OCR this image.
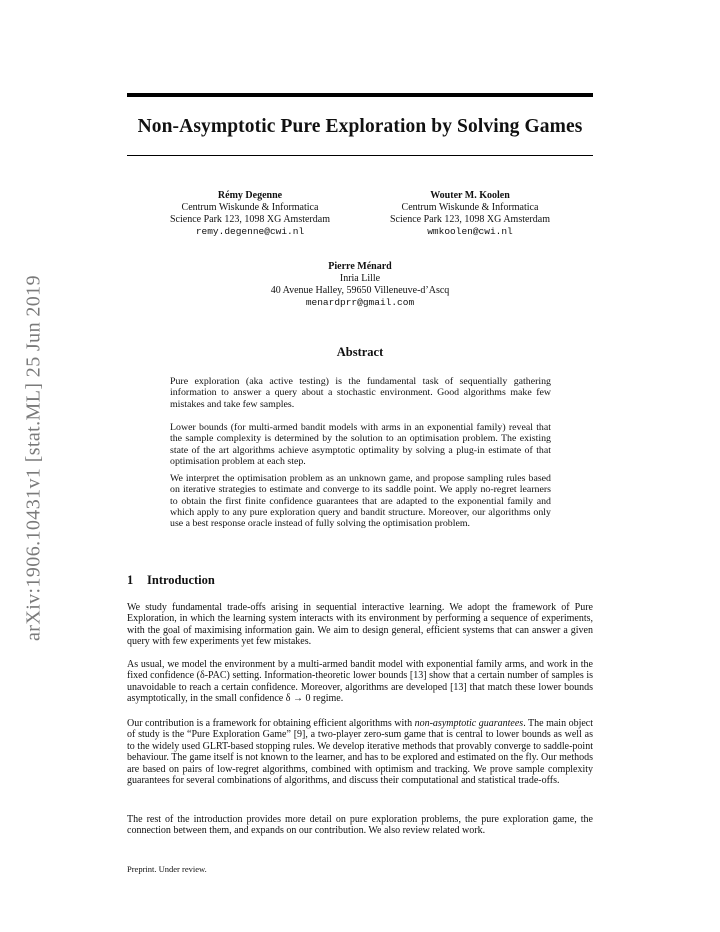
arXiv:1906.10431v1 [stat.ML] 25 Jun 2019
Non-Asymptotic Pure Exploration by Solving Games
Rémy Degenne
Centrum Wiskunde & Informatica
Science Park 123, 1098 XG Amsterdam
remy.degenne@cwi.nl
Wouter M. Koolen
Centrum Wiskunde & Informatica
Science Park 123, 1098 XG Amsterdam
wmkoolen@cwi.nl
Pierre Ménard
Inria Lille
40 Avenue Halley, 59650 Villeneuve-d’Ascq
menardprr@gmail.com
Abstract
Pure exploration (aka active testing) is the fundamental task of sequentially gathering information to answer a query about a stochastic environment. Good algorithms make few mistakes and take few samples.
Lower bounds (for multi-armed bandit models with arms in an exponential family) reveal that the sample complexity is determined by the solution to an optimisation problem. The existing state of the art algorithms achieve asymptotic optimality by solving a plug-in estimate of that optimisation problem at each step.
We interpret the optimisation problem as an unknown game, and propose sampling rules based on iterative strategies to estimate and converge to its saddle point. We apply no-regret learners to obtain the first finite confidence guarantees that are adapted to the exponential family and which apply to any pure exploration query and bandit structure. Moreover, our algorithms only use a best response oracle instead of fully solving the optimisation problem.
1 Introduction
We study fundamental trade-offs arising in sequential interactive learning. We adopt the framework of Pure Exploration, in which the learning system interacts with its environment by performing a sequence of experiments, with the goal of maximising information gain. We aim to design general, efficient systems that can answer a given query with few experiments yet few mistakes.
As usual, we model the environment by a multi-armed bandit model with exponential family arms, and work in the fixed confidence (δ-PAC) setting. Information-theoretic lower bounds [13] show that a certain number of samples is unavoidable to reach a certain confidence. Moreover, algorithms are developed [13] that match these lower bounds asymptotically, in the small confidence δ → 0 regime.
Our contribution is a framework for obtaining efficient algorithms with non-asymptotic guarantees. The main object of study is the “Pure Exploration Game” [9], a two-player zero-sum game that is central to lower bounds as well as to the widely used GLRT-based stopping rules. We develop iterative methods that provably converge to saddle-point behaviour. The game itself is not known to the learner, and has to be explored and estimated on the fly. Our methods are based on pairs of low-regret algorithms, combined with optimism and tracking. We prove sample complexity guarantees for several combinations of algorithms, and discuss their computational and statistical trade-offs.
The rest of the introduction provides more detail on pure exploration problems, the pure exploration game, the connection between them, and expands on our contribution. We also review related work.
Preprint. Under review.
